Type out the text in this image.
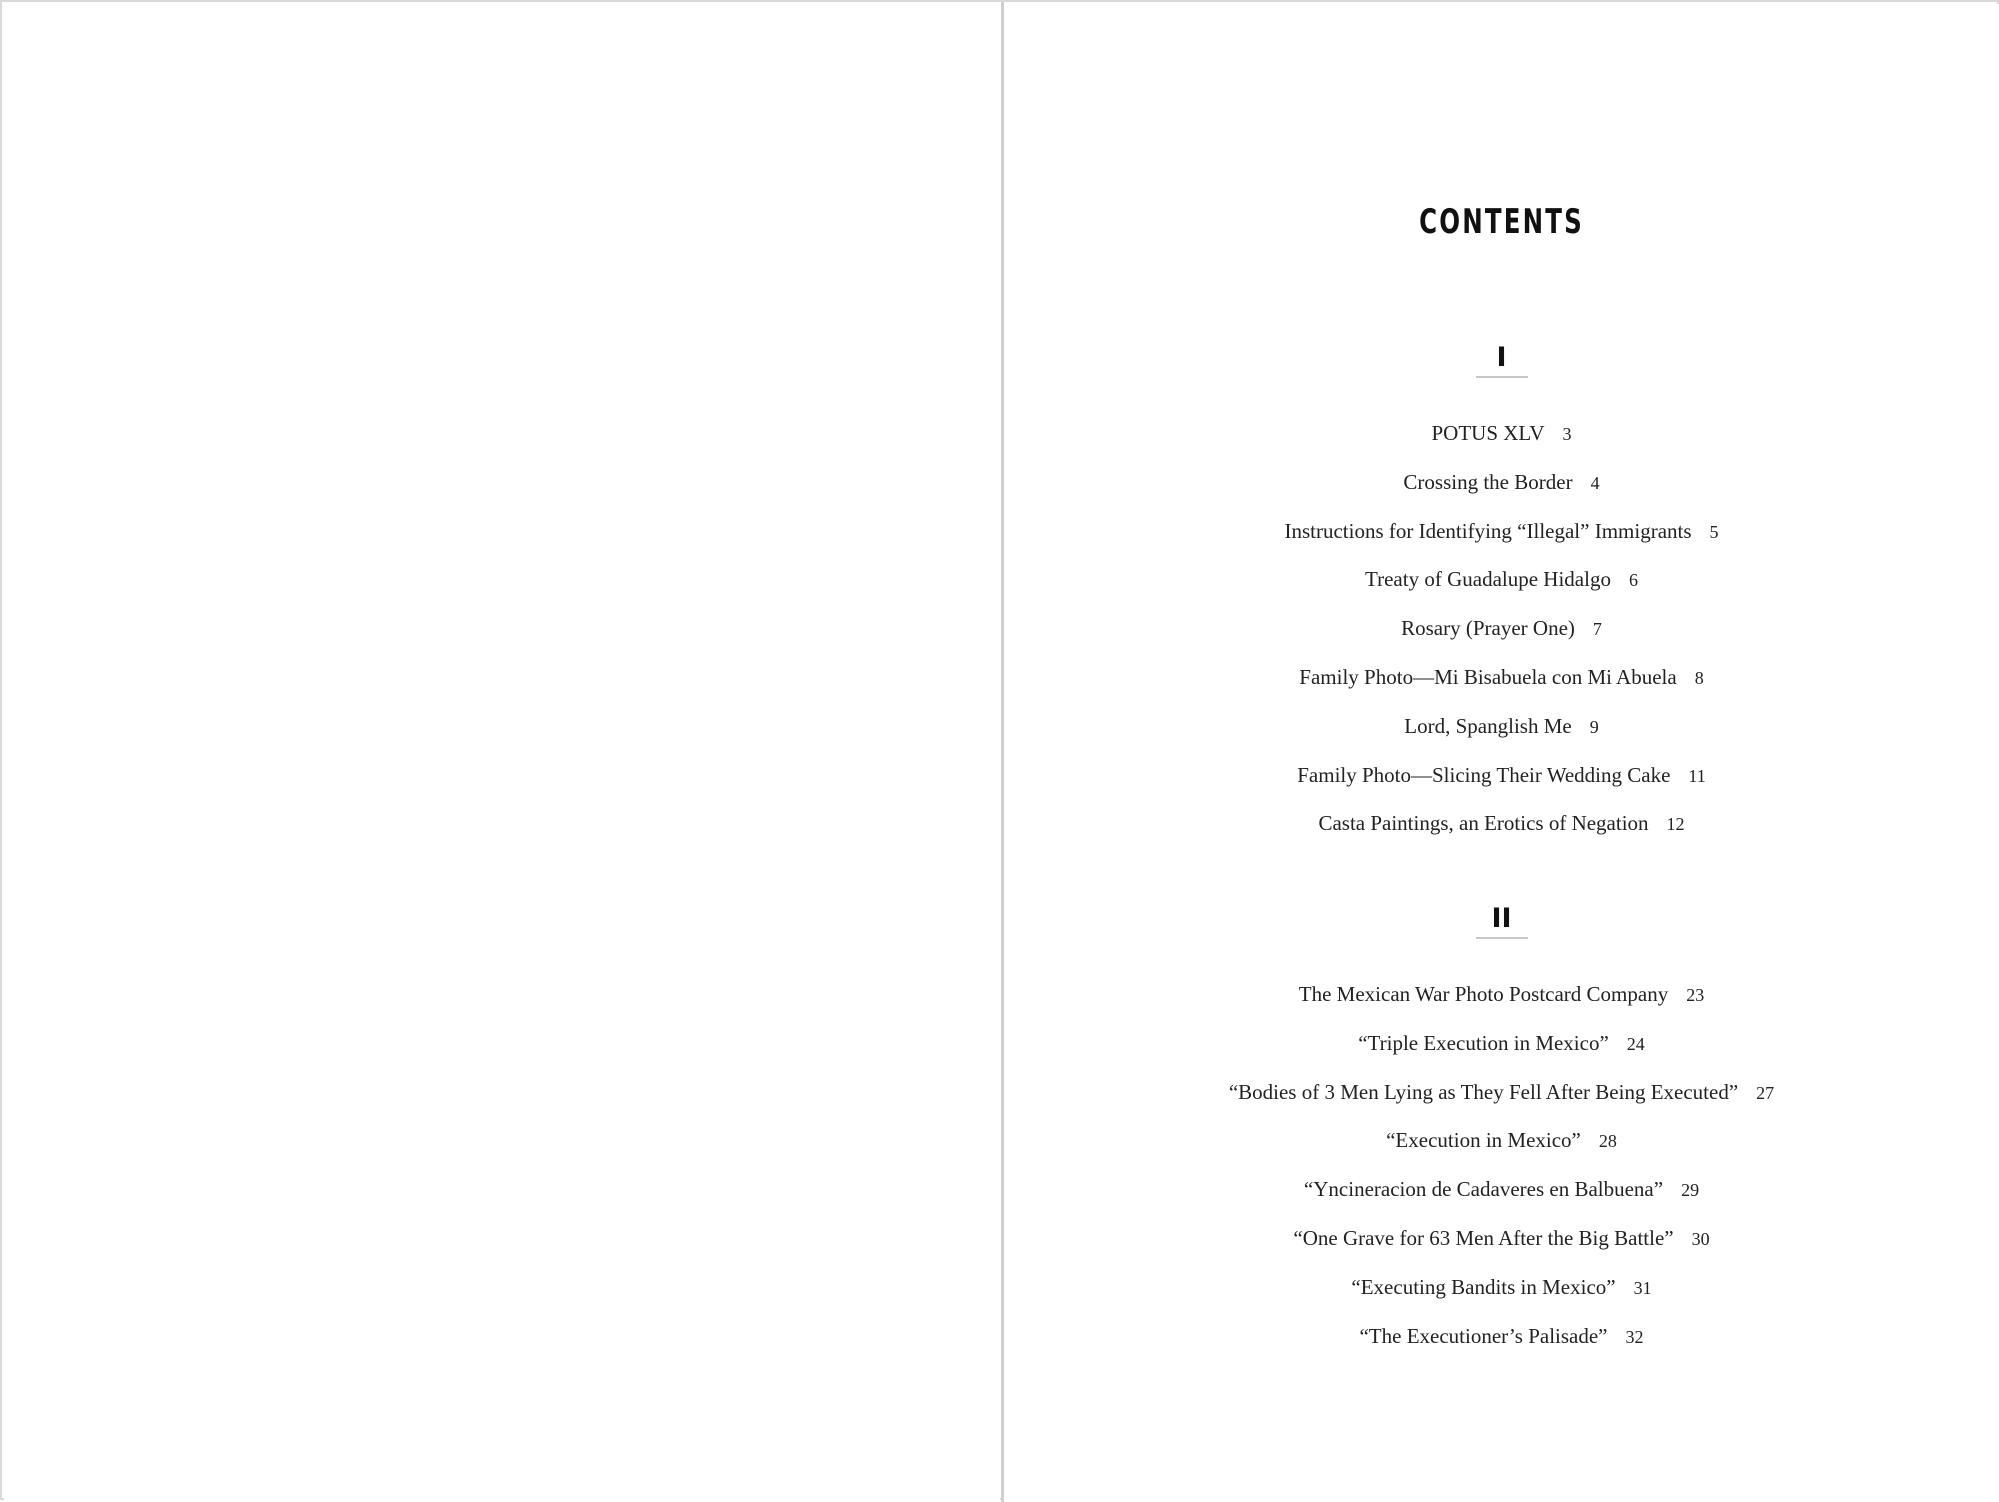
CONTENTS
I
POTUS XLV 3
Crossing the Border 4
Instructions for Identifying “Illegal” Immigrants 5
Treaty of Guadalupe Hidalgo 6
Rosary (Prayer One) 7
Family Photo—Mi Bisabuela con Mi Abuela 8
Lord, Spanglish Me 9
Family Photo—Slicing Their Wedding Cake 11
Casta Paintings, an Erotics of Negation 12
II
The Mexican War Photo Postcard Company 23
“Triple Execution in Mexico” 24
“Bodies of 3 Men Lying as They Fell After Being Executed” 27
“Execution in Mexico” 28
“Yncineracion de Cadaveres en Balbuena” 29
“One Grave for 63 Men After the Big Battle” 30
“Executing Bandits in Mexico” 31
“The Executioner’s Palisade” 32
